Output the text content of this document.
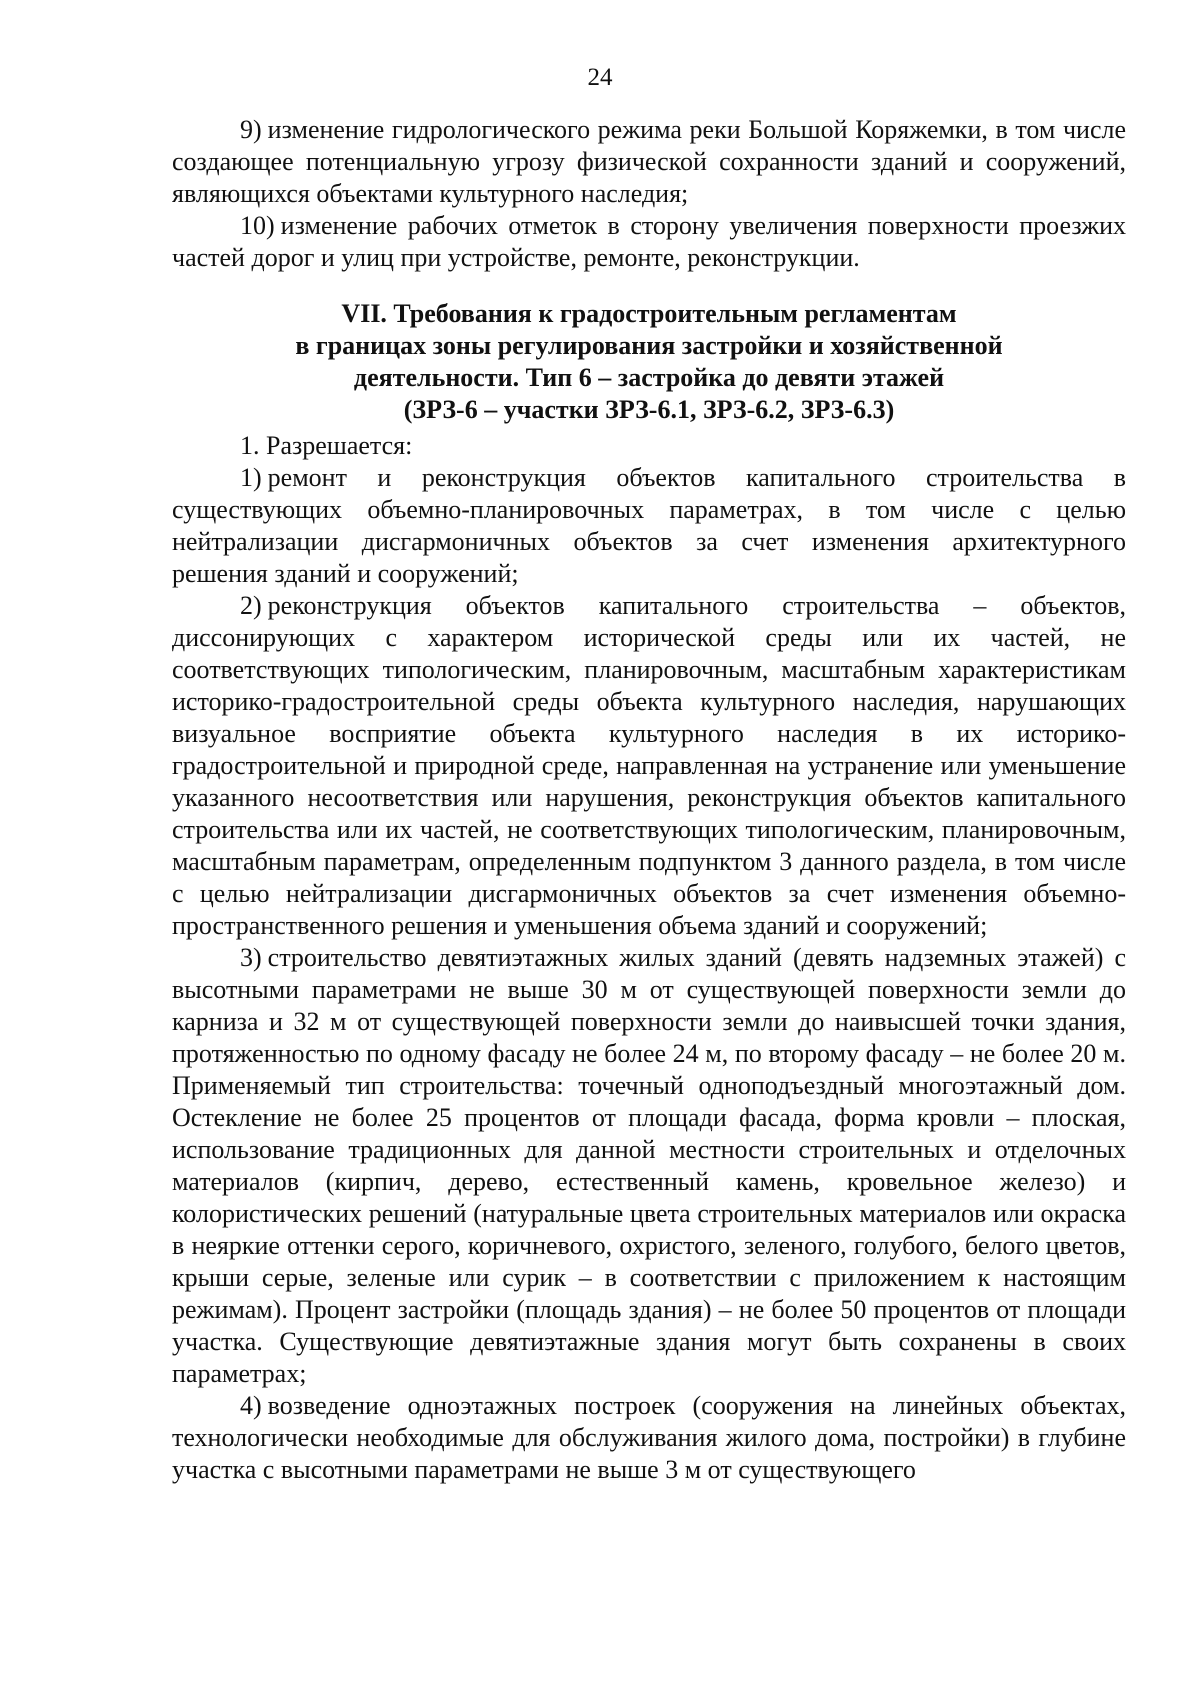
24

9) изменение гидрологического режима реки Большой Коряжемки, в том числе создающее потенциальную угрозу физической сохранности зданий и сооружений, являющихся объектами культурного наследия;

10) изменение рабочих отметок в сторону увеличения поверхности проезжих частей дорог и улиц при устройстве, ремонте, реконструкции.

VII. Требования к градостроительным регламентам
в границах зоны регулирования застройки и хозяйственной
деятельности. Тип 6 – застройка до девяти этажей
(ЗРЗ-6 – участки ЗРЗ-6.1, ЗРЗ-6.2, ЗРЗ-6.3)

1. Разрешается:

1) ремонт и реконструкция объектов капитального строительства в существующих объемно-планировочных параметрах, в том числе с целью нейтрализации дисгармоничных объектов за счет изменения архитектурного решения зданий и сооружений;

2) реконструкция объектов капитального строительства – объектов, диссонирующих с характером исторической среды или их частей, не соответствующих типологическим, планировочным, масштабным характеристикам историко-градостроительной среды объекта культурного наследия, нарушающих визуальное восприятие объекта культурного наследия в их историко-градостроительной и природной среде, направленная на устранение или уменьшение указанного несоответствия или нарушения, реконструкция объектов капитального строительства или их частей, не соответствующих типологическим, планировочным, масштабным параметрам, определенным подпунктом 3 данного раздела, в том числе с целью нейтрализации дисгармоничных объектов за счет изменения объемно-пространственного решения и уменьшения объема зданий и сооружений;

3) строительство девятиэтажных жилых зданий (девять надземных этажей) с высотными параметрами не выше 30 м от существующей поверхности земли до карниза и 32 м от существующей поверхности земли до наивысшей точки здания, протяженностью по одному фасаду не более 24 м, по второму фасаду – не более 20 м. Применяемый тип строительства: точечный одноподъездный многоэтажный дом. Остекление не более 25 процентов от площади фасада, форма кровли – плоская, использование традиционных для данной местности строительных и отделочных материалов (кирпич, дерево, естественный камень, кровельное железо) и колористических решений (натуральные цвета строительных материалов или окраска в неяркие оттенки серого, коричневого, охристого, зеленого, голубого, белого цветов, крыши серые, зеленые или сурик – в соответствии с приложением к настоящим режимам). Процент застройки (площадь здания) – не более 50 процентов от площади участка. Существующие девятиэтажные здания могут быть сохранены в своих параметрах;

4) возведение одноэтажных построек (сооружения на линейных объектах, технологически необходимые для обслуживания жилого дома, постройки) в глубине участка с высотными параметрами не выше 3 м от существующего
